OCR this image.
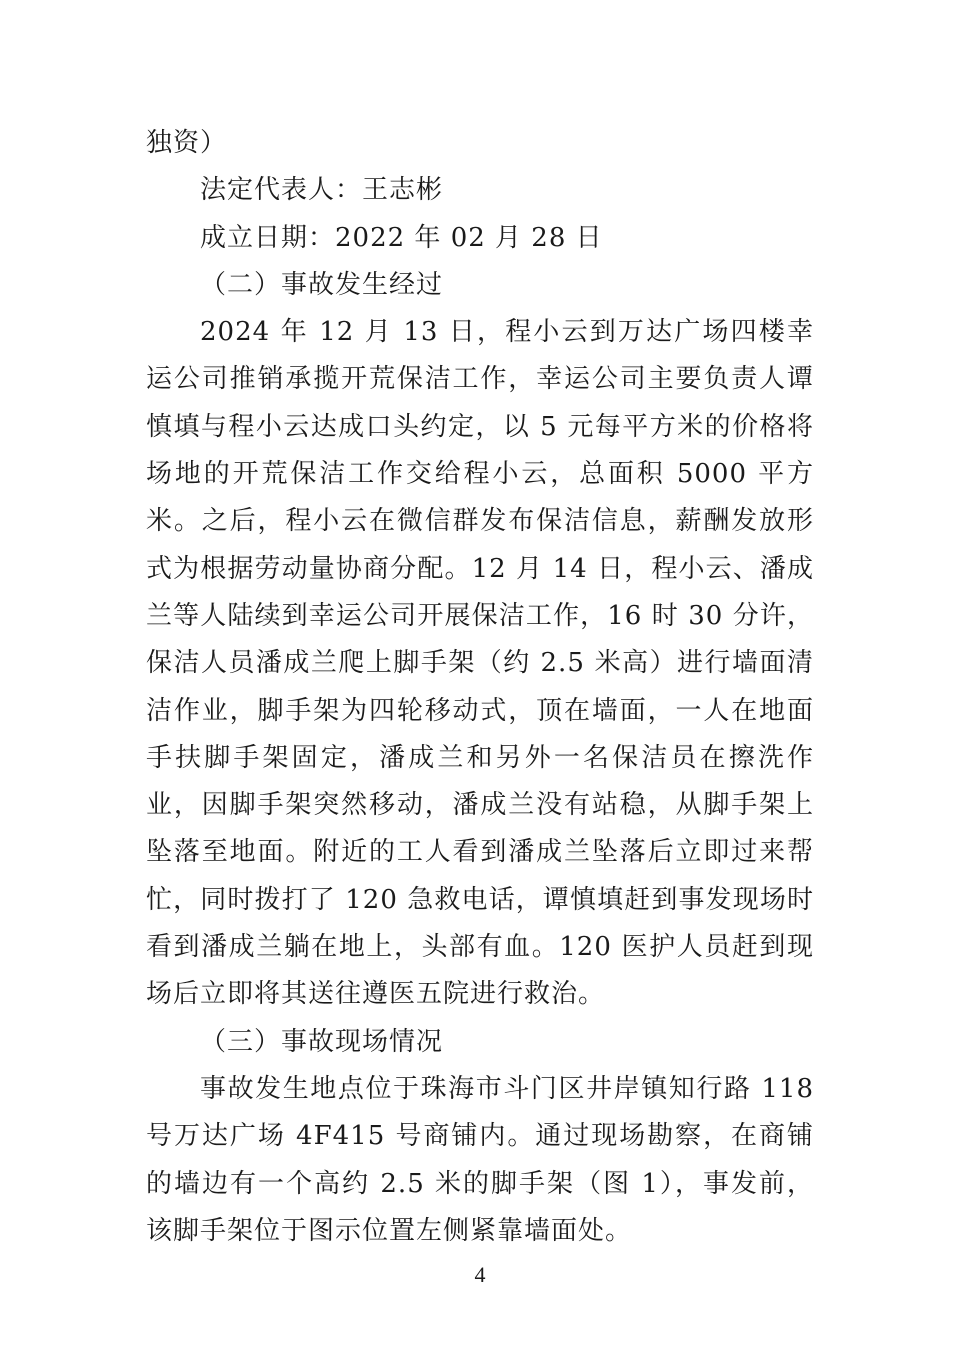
独资）

法定代表人：王志彬

成立日期：2022 年 02 月 28 日

（二）事故发生经过

2024 年 12 月 13 日，程小云到万达广场四楼幸运公司推销承揽开荒保洁工作，幸运公司主要负责人谭慎填与程小云达成口头约定，以 5 元每平方米的价格将场地的开荒保洁工作交给程小云，总面积 5000 平方米。之后，程小云在微信群发布保洁信息，薪酬发放形式为根据劳动量协商分配。12 月 14 日，程小云、潘成兰等人陆续到幸运公司开展保洁工作，16 时 30 分许，保洁人员潘成兰爬上脚手架（约 2.5 米高）进行墙面清洁作业，脚手架为四轮移动式，顶在墙面，一人在地面手扶脚手架固定，潘成兰和另外一名保洁员在擦洗作业，因脚手架突然移动，潘成兰没有站稳，从脚手架上坠落至地面。附近的工人看到潘成兰坠落后立即过来帮忙，同时拨打了 120 急救电话，谭慎填赶到事发现场时看到潘成兰躺在地上，头部有血。120 医护人员赶到现场后立即将其送往遵医五院进行救治。

（三）事故现场情况

事故发生地点位于珠海市斗门区井岸镇知行路 118 号万达广场 4F415 号商铺内。通过现场勘察，在商铺的墙边有一个高约 2.5 米的脚手架（图 1），事发前，该脚手架位于图示位置左侧紧靠墙面处。

4
